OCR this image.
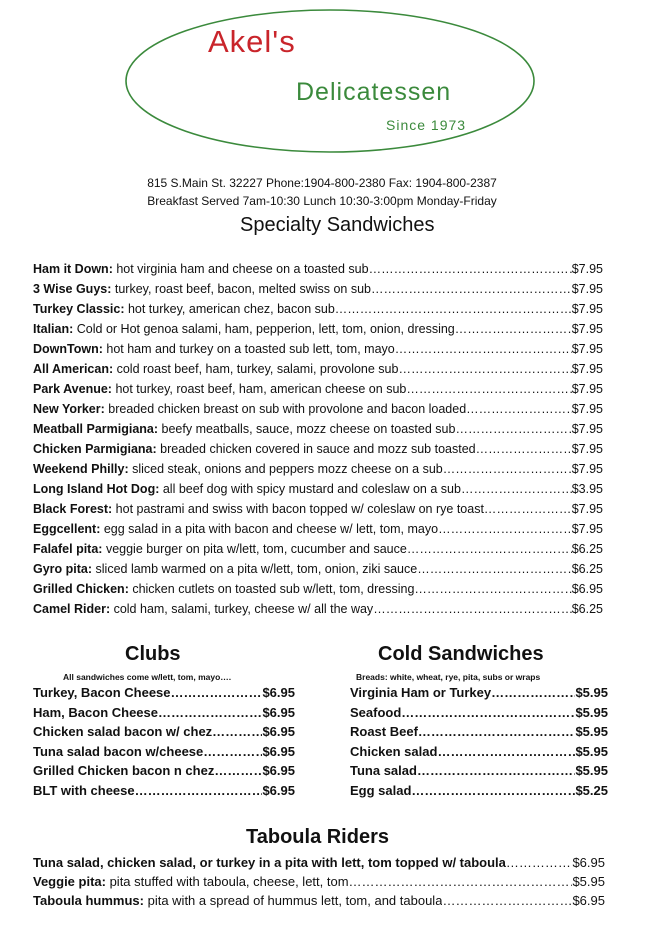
Akel's
Delicatessen
Since 1973
815 S.Main St. 32227 Phone:1904-800-2380 Fax: 1904-800-2387
Breakfast Served 7am-10:30 Lunch 10:30-3:00pm Monday-Friday
Specialty Sandwiches
Ham it Down: hot virginia ham and cheese on a toasted sub ………………………………………………………………………………………………………	$7.95
3 Wise Guys: turkey, roast beef, bacon, melted swiss on sub ………………………………………………………………………………………………………	$7.95
Turkey Classic: hot turkey, american chez, bacon sub ………………………………………………………………………………………………………	$7.95
Italian: Cold or Hot genoa salami, ham, pepperion, lett, tom, onion, dressing ………………………………………………………………………………………………………	$7.95
DownTown: hot ham and turkey on a toasted sub lett, tom, mayo ………………………………………………………………………………………………………	$7.95
All American: cold roast beef, ham, turkey, salami, provolone sub ………………………………………………………………………………………………………	$7.95
Park Avenue: hot turkey, roast beef, ham, american cheese on sub ………………………………………………………………………………………………………	$7.95
New Yorker: breaded chicken breast on sub with provolone and bacon loaded ………………………………………………………………………………………………………	$7.95
Meatball Parmigiana: beefy meatballs, sauce, mozz cheese on toasted sub ………………………………………………………………………………………………………	$7.95
Chicken Parmigiana: breaded chicken covered in sauce and mozz sub toasted ………………………………………………………………………………………………………	$7.95
Weekend Philly: sliced steak, onions and peppers mozz cheese on a sub ………………………………………………………………………………………………………	$7.95
Long Island Hot Dog: all beef dog with spicy mustard and coleslaw on a sub ………………………………………………………………………………………………………	$3.95
Black Forest: hot pastrami and swiss with bacon topped w/ coleslaw on rye toast ………………………………………………………………………………………………………	$7.95
Eggcellent: egg salad in a pita with bacon and cheese w/ lett, tom, mayo ………………………………………………………………………………………………………	$7.95
Falafel pita: veggie burger on pita w/lett, tom, cucumber and sauce ………………………………………………………………………………………………………	$6.25
Gyro pita: sliced lamb warmed on a pita w/lett, tom, onion, ziki sauce ………………………………………………………………………………………………………	$6.25
Grilled Chicken: chicken cutlets on toasted sub w/lett, tom, dressing ………………………………………………………………………………………………………	$6.95
Camel Rider: cold ham, salami, turkey, cheese w/ all the way ………………………………………………………………………………………………………	$6.25
Clubs	Cold Sandwiches
All sandwiches come w/lett, tom, mayo….	Breads: white, wheat, rye, pita, subs or wraps
Turkey, Bacon Cheese ………………………………………………………………………………………………………	$6.95
Ham, Bacon Cheese ………………………………………………………………………………………………………	$6.95
Chicken salad bacon w/ chez ………………………………………………………………………………………………………	$6.95
Tuna salad bacon w/cheese ………………………………………………………………………………………………………	$6.95
Grilled Chicken bacon n chez ………………………………………………………………………………………………………	$6.95
BLT with cheese ………………………………………………………………………………………………………	$6.95
Virginia Ham or Turkey ………………………………………………………………………………………………………	$5.95
Seafood ………………………………………………………………………………………………………	$5.95
Roast Beef ………………………………………………………………………………………………………	$5.95
Chicken salad ………………………………………………………………………………………………………	$5.95
Tuna salad ………………………………………………………………………………………………………	$5.95
Egg salad ………………………………………………………………………………………………………	$5.25
Taboula Riders
Tuna salad, chicken salad, or turkey in a pita with lett, tom topped w/ taboula ………………………………………………………………………………………………………	$6.95
Veggie pita: pita stuffed with taboula, cheese, lett, tom ………………………………………………………………………………………………………	$5.95
Taboula hummus: pita with a spread of hummus lett, tom, and taboula ………………………………………………………………………………………………………	$6.95
